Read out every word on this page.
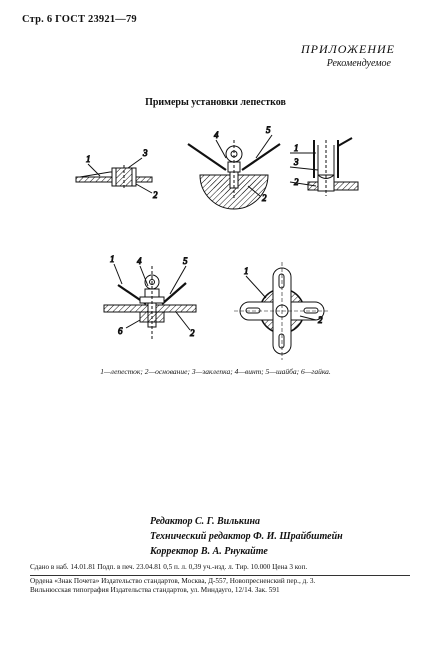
Стр. 6 ГОСТ 23921—79
ПРИЛОЖЕНИЕ
Рекомендуемое
Примеры установки лепестков
1
3
2
4	5
2
1
3
2
1	4	5
6	2
1
2
1—лепесток; 2—основание; 3—заклепка; 4—винт; 5—шайба; 6—гайка.
Редактор С. Г. Вилькина
Технический редактор Ф. И. Шрайбштейн
Корректор В. А. Рнукайте
Сдано в наб. 14.01.81 Подп. в печ. 23.04.81 0,5 п. л. 0,39 уч.-изд. л. Тир. 10.000 Цена 3 коп.
Ордена «Знак Почета» Издательство стандартов, Москва, Д-557, Новопресненский пер., д. 3.
Вильнюсская типография Издательства стандартов, ул. Миндауго, 12/14. Зак. 591
